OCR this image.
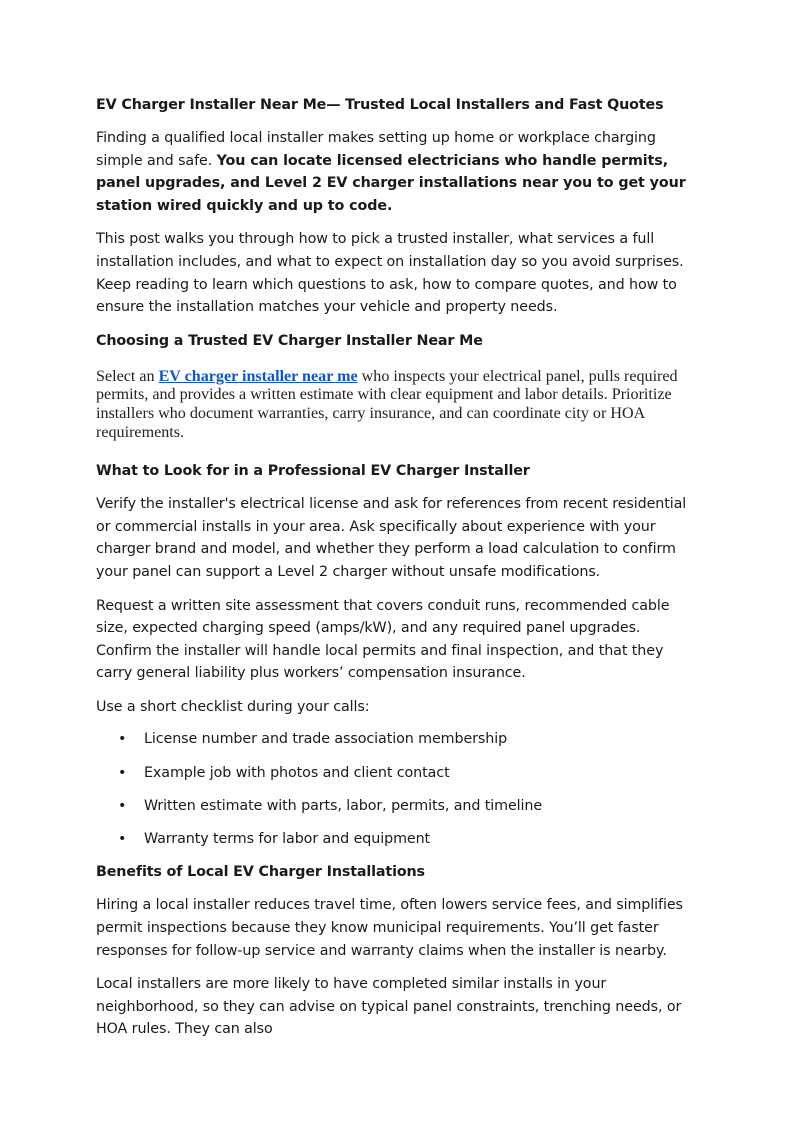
EV Charger Installer Near Me— Trusted Local Installers and Fast Quotes

Finding a qualified local installer makes setting up home or workplace charging simple and safe. You can locate licensed electricians who handle permits, panel upgrades, and Level 2 EV charger installations near you to get your station wired quickly and up to code.

This post walks you through how to pick a trusted installer, what services a full installation includes, and what to expect on installation day so you avoid surprises. Keep reading to learn which questions to ask, how to compare quotes, and how to ensure the installation matches your vehicle and property needs.

Choosing a Trusted EV Charger Installer Near Me

Select an EV charger installer near me who inspects your electrical panel, pulls required permits, and provides a written estimate with clear equipment and labor details. Prioritize installers who document warranties, carry insurance, and can coordinate city or HOA requirements.

What to Look for in a Professional EV Charger Installer

Verify the installer's electrical license and ask for references from recent residential or commercial installs in your area. Ask specifically about experience with your charger brand and model, and whether they perform a load calculation to confirm your panel can support a Level 2 charger without unsafe modifications.

Request a written site assessment that covers conduit runs, recommended cable size, expected charging speed (amps/kW), and any required panel upgrades. Confirm the installer will handle local permits and final inspection, and that they carry general liability plus workers’ compensation insurance.

Use a short checklist during your calls:

• License number and trade association membership
• Example job with photos and client contact
• Written estimate with parts, labor, permits, and timeline
• Warranty terms for labor and equipment
Benefits of Local EV Charger Installations

Hiring a local installer reduces travel time, often lowers service fees, and simplifies permit inspections because they know municipal requirements. You’ll get faster responses for follow-up service and warranty claims when the installer is nearby.

Local installers are more likely to have completed similar installs in your neighborhood, so they can advise on typical panel constraints, trenching needs, or HOA rules. They can also
